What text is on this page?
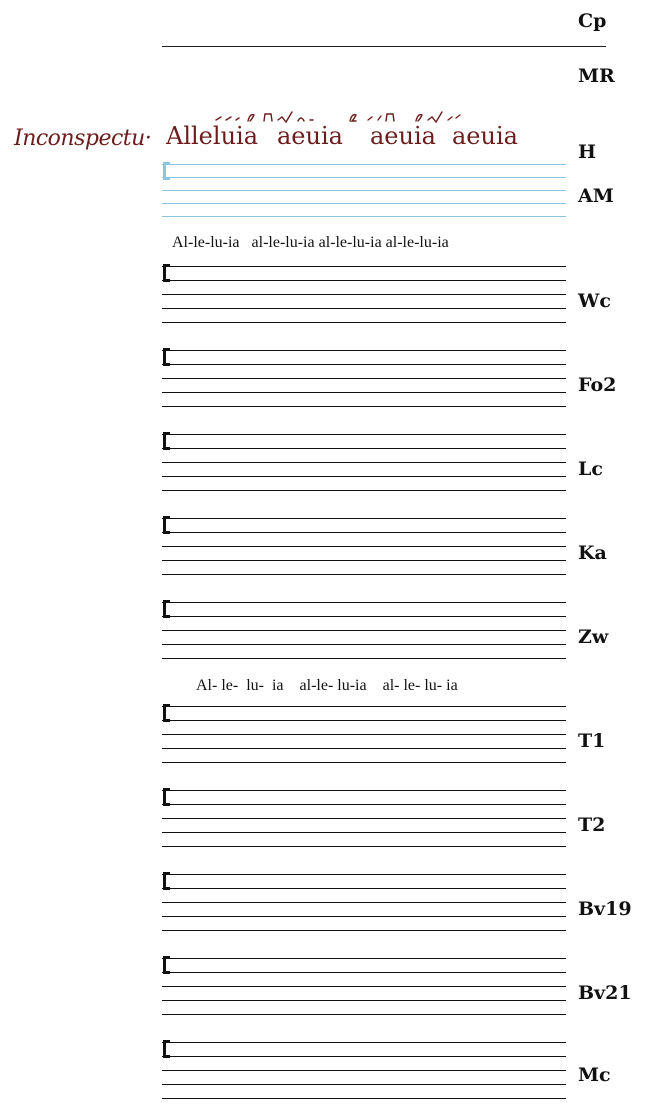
Cp
MR
Inconspectu· Alleluia aeuia aeuia aeuia
H
AM
Al-le-lu-ia   al-le-lu-ia al-le-lu-ia al-le-lu-ia
Wc
Fo2
Lc
Ka
Zw
Al- le-  lu-  ia    al-le- lu-ia    al- le- lu- ia
T1
T2
Bv19
Bv21
Mc
